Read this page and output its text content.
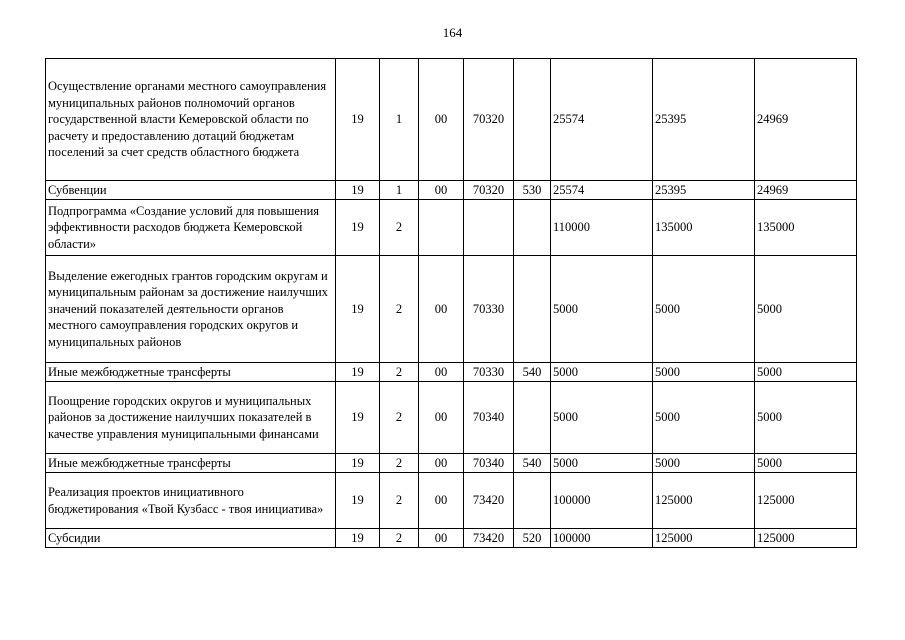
164
Осуществление органами местного самоуправления муниципальных районов полномочий органов государственной власти Кемеровской области по расчету и предоставлению дотаций бюджетам поселений за счет средств областного бюджета	19	1	00	70320		25574	25395	24969
Субвенции	19	1	00	70320	530	25574	25395	24969
Подпрограмма «Создание условий для повышения эффективности расходов бюджета Кемеровской области»	19	2				110000	135000	135000
Выделение ежегодных грантов городским округам и муниципальным районам за достижение наилучших значений показателей деятельности органов местного самоуправления городских округов и муниципальных районов	19	2	00	70330		5000	5000	5000
Иные межбюджетные трансферты	19	2	00	70330	540	5000	5000	5000
Поощрение городских округов и муниципальных районов за достижение наилучших показателей в качестве управления муниципальными финансами	19	2	00	70340		5000	5000	5000
Иные межбюджетные трансферты	19	2	00	70340	540	5000	5000	5000
Реализация проектов инициативного бюджетирования «Твой Кузбасс - твоя инициатива»	19	2	00	73420		100000	125000	125000
Субсидии	19	2	00	73420	520	100000	125000	125000
